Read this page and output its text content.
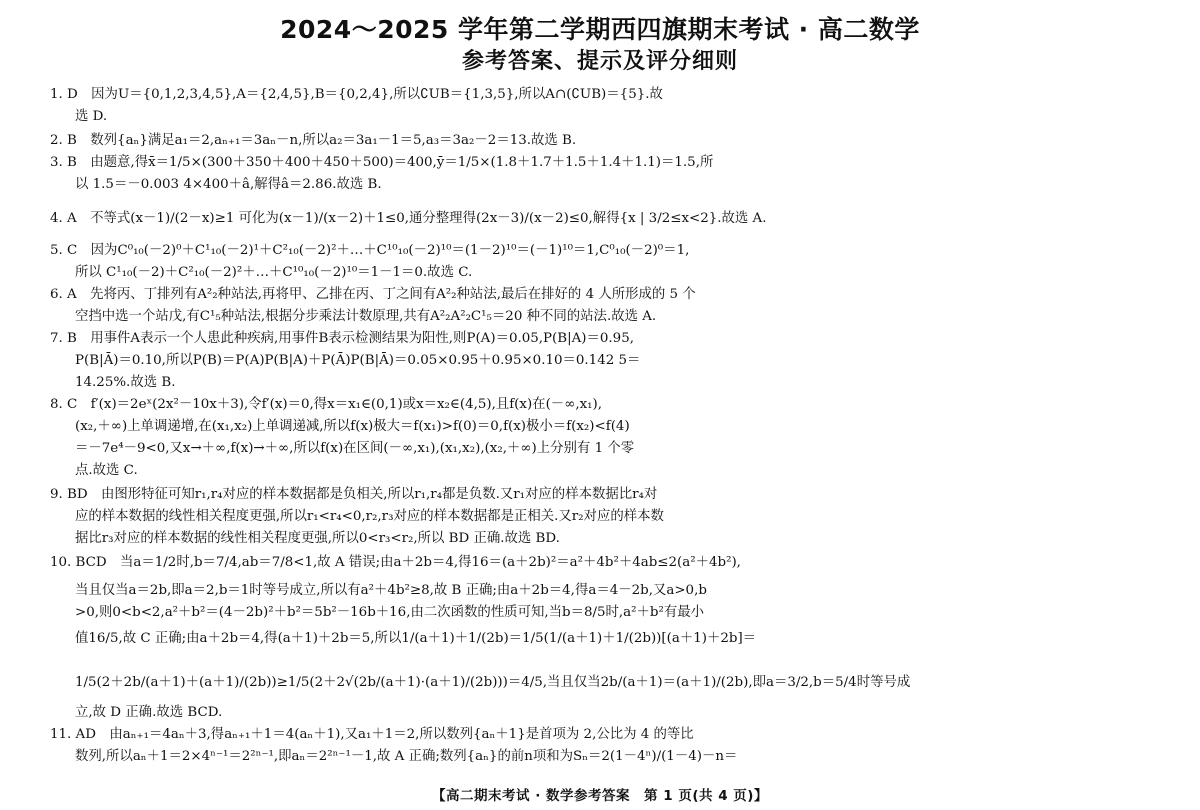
2024～2025 学年第二学期西四旗期末考试 · 高二数学
参考答案、提示及评分细则
1. D　因为U＝{0,1,2,3,4,5},A＝{2,4,5},B＝{0,2,4},所以∁UB＝{1,3,5},所以A∩(∁UB)＝{5}.故
选 D.
2. B　数列{aₙ}满足a₁＝2,aₙ₊₁＝3aₙ－n,所以a₂＝3a₁－1＝5,a₃＝3a₂－2＝13.故选 B.
3. B　由题意,得x̄＝1/5×(300＋350＋400＋450＋500)＝400,ȳ＝1/5×(1.8＋1.7＋1.5＋1.4＋1.1)＝1.5,所
以 1.5＝－0.003 4×400＋â,解得â＝2.86.故选 B.
4. A　不等式(x－1)/(2－x)≥1 可化为(x－1)/(x－2)＋1≤0,通分整理得(2x－3)/(x－2)≤0,解得{x | 3/2≤x<2}.故选 A.
5. C　因为C⁰₁₀(－2)⁰＋C¹₁₀(－2)¹＋C²₁₀(－2)²＋…＋C¹⁰₁₀(－2)¹⁰＝(1－2)¹⁰＝(－1)¹⁰＝1,C⁰₁₀(－2)⁰＝1,
所以 C¹₁₀(－2)＋C²₁₀(－2)²＋…＋C¹⁰₁₀(－2)¹⁰＝1－1＝0.故选 C.
6. A　先将丙、丁排列有A²₂种站法,再将甲、乙排在丙、丁之间有A²₂种站法,最后在排好的 4 人所形成的 5 个
空挡中选一个站戊,有C¹₅种站法,根据分步乘法计数原理,共有A²₂A²₂C¹₅＝20 种不同的站法.故选 A.
7. B　用事件A表示一个人患此种疾病,用事件B表示检测结果为阳性,则P(A)＝0.05,P(B|A)＝0.95,
P(B|Ā)＝0.10,所以P(B)＝P(A)P(B|A)＋P(Ā)P(B|Ā)＝0.05×0.95＋0.95×0.10＝0.142 5＝
14.25%.故选 B.
8. C　f′(x)＝2eˣ(2x²－10x＋3),令f′(x)＝0,得x＝x₁∈(0,1)或x＝x₂∈(4,5),且f(x)在(－∞,x₁),
(x₂,＋∞)上单调递增,在(x₁,x₂)上单调递减,所以f(x)极大＝f(x₁)>f(0)＝0,f(x)极小＝f(x₂)<f(4)
＝－7e⁴－9<0,又x→＋∞,f(x)→＋∞,所以f(x)在区间(－∞,x₁),(x₁,x₂),(x₂,＋∞)上分别有 1 个零
点.故选 C.
9. BD　由图形特征可知r₁,r₄对应的样本数据都是负相关,所以r₁,r₄都是负数.又r₁对应的样本数据比r₄对
应的样本数据的线性相关程度更强,所以r₁<r₄<0,r₂,r₃对应的样本数据都是正相关.又r₂对应的样本数
据比r₃对应的样本数据的线性相关程度更强,所以0<r₃<r₂,所以 BD 正确.故选 BD.
10. BCD　当a＝1/2时,b＝7/4,ab＝7/8<1,故 A 错误;由a＋2b＝4,得16＝(a＋2b)²＝a²＋4b²＋4ab≤2(a²＋4b²),
当且仅当a＝2b,即a＝2,b＝1时等号成立,所以有a²＋4b²≥8,故 B 正确;由a＋2b＝4,得a＝4－2b,又a>0,b
>0,则0<b<2,a²＋b²＝(4－2b)²＋b²＝5b²－16b＋16,由二次函数的性质可知,当b＝8/5时,a²＋b²有最小
值16/5,故 C 正确;由a＋2b＝4,得(a＋1)＋2b＝5,所以1/(a＋1)＋1/(2b)＝1/5(1/(a＋1)＋1/(2b))[(a＋1)＋2b]＝
1/5(2＋2b/(a＋1)＋(a＋1)/(2b))≥1/5(2＋2√(2b/(a＋1)·(a＋1)/(2b)))＝4/5,当且仅当2b/(a＋1)＝(a＋1)/(2b),即a＝3/2,b＝5/4时等号成
立,故 D 正确.故选 BCD.
11. AD　由aₙ₊₁＝4aₙ＋3,得aₙ₊₁＋1＝4(aₙ＋1),又a₁＋1＝2,所以数列{aₙ＋1}是首项为 2,公比为 4 的等比
数列,所以aₙ＋1＝2×4ⁿ⁻¹＝2²ⁿ⁻¹,即aₙ＝2²ⁿ⁻¹－1,故 A 正确;数列{aₙ}的前n项和为Sₙ＝2(1－4ⁿ)/(1－4)－n＝
【高二期末考试 · 数学参考答案　第 1 页(共 4 页)】
